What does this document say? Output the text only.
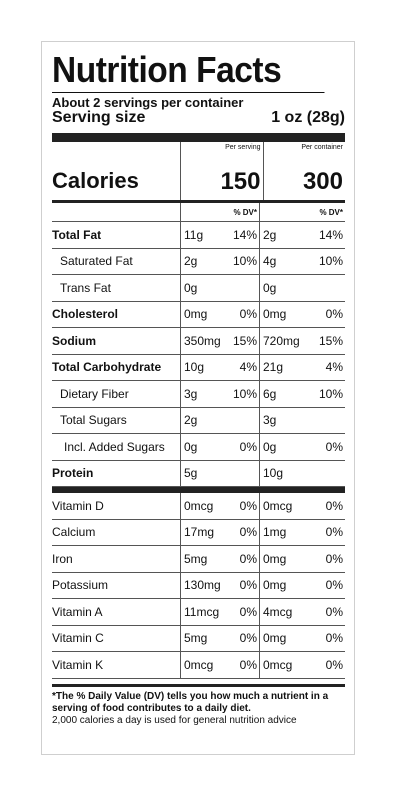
Nutrition Facts
About 2 servings per container
Serving size	1 oz (28g)
Calories
Per serving
150
Per container
300
% DV*	% DV*
Total Fat	11g	14% 2g	14%
Saturated Fat	2g	10% 4g	10%
Trans Fat	0g	0g
Cholesterol	0mg	0% 0mg	0%
Sodium	350mg	15% 720mg	15%
Total Carbohydrate	10g	4% 21g	4%
Dietary Fiber	3g	10% 6g	10%
Total Sugars	2g	3g
Incl. Added Sugars	0g	0% 0g	0%
Protein	5g	10g
Vitamin D	0mcg	0% 0mcg	0%
Calcium	17mg	0% 1mg	0%
Iron	5mg	0% 0mg	0%
Potassium	130mg	0% 0mg	0%
Vitamin A	11mcg	0% 4mcg	0%
Vitamin C	5mg	0% 0mg	0%
Vitamin K	0mcg	0% 0mcg	0%
*The % Daily Value (DV) tells you how much a nutrient in a serving of food contributes to a daily diet.
2,000 calories a day is used for general nutrition advice
